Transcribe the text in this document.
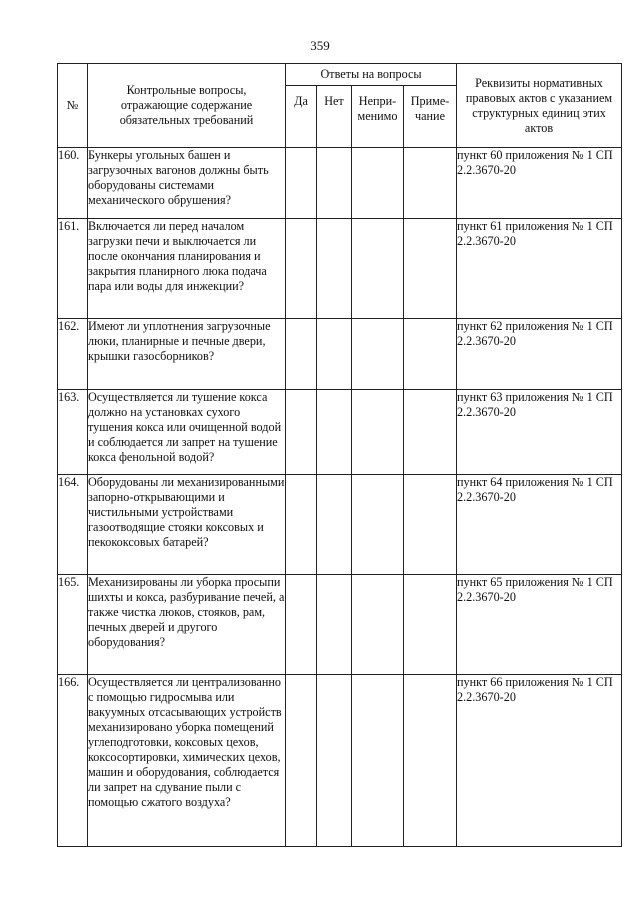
359
№	Контрольные вопросы, отражающие содержание обязательных требований	Ответы на вопросы				Реквизиты нормативных правовых актов с указанием структурных единиц этих актов
		Да	Нет	Непри-менимо	Приме-чание	
160.	Бункеры угольных башен и загрузочных вагонов должны быть оборудованы системами механического обрушения?					пункт 60 приложения № 1 СП 2.2.3670-20
161.	Включается ли перед началом загрузки печи и выключается ли после окончания планирования и закрытия планирного люка подача пара или воды для инжекции?					пункт 61 приложения № 1 СП 2.2.3670-20
162.	Имеют ли уплотнения загрузочные люки, планирные и печные двери, крышки газосборников?					пункт 62 приложения № 1 СП 2.2.3670-20
163.	Осуществляется ли тушение кокса должно на установках сухого тушения кокса или очищенной водой и соблюдается ли запрет на тушение кокса фенольной водой?					пункт 63 приложения № 1 СП 2.2.3670-20
164.	Оборудованы ли механизированными запорно-открывающими и чистильными устройствами газоотводящие стояки коксовых и пекококсовых батарей?					пункт 64 приложения № 1 СП 2.2.3670-20
165.	Механизированы ли уборка просыпи шихты и кокса, разбуривание печей, а также чистка люков, стояков, рам, печных дверей и другого оборудования?					пункт 65 приложения № 1 СП 2.2.3670-20
166.	Осуществляется ли централизованно с помощью гидросмыва или вакуумных отсасывающих устройств механизировано уборка помещений углеподготовки, коксовых цехов, коксосортировки, химических цехов, машин и оборудования, соблюдается ли запрет на сдувание пыли с помощью сжатого воздуха?					пункт 66 приложения № 1 СП 2.2.3670-20
